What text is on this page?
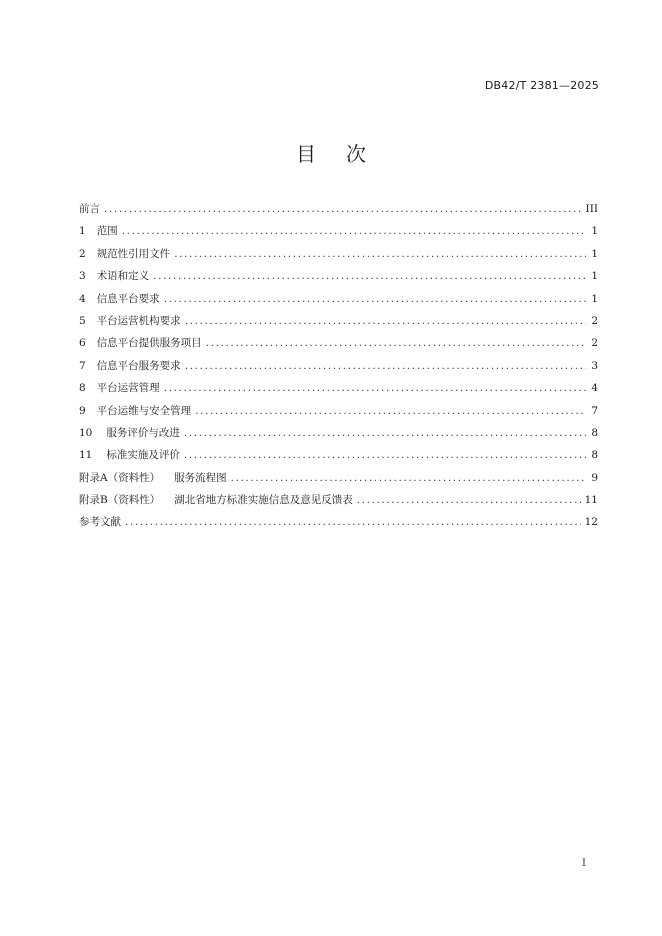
DB42/T 2381—2025
目次
前言 .....	III
1 范围 .....	1
2 规范性引用文件 .....	1
3 术语和定义 .....	1
4 信息平台要求 .....	1
5 平台运营机构要求 .....	2
6 信息平台提供服务项目 .....	2
7 信息平台服务要求 .....	3
8 平台运营管理 .....	4
9 平台运维与安全管理 .....	7
10 服务评价与改进 .....	8
11 标准实施及评价 .....	8
附录A（资料性） 服务流程图 .....	9
附录B（资料性） 湖北省地方标准实施信息及意见反馈表 .....	11
参考文献 .....	12
I
